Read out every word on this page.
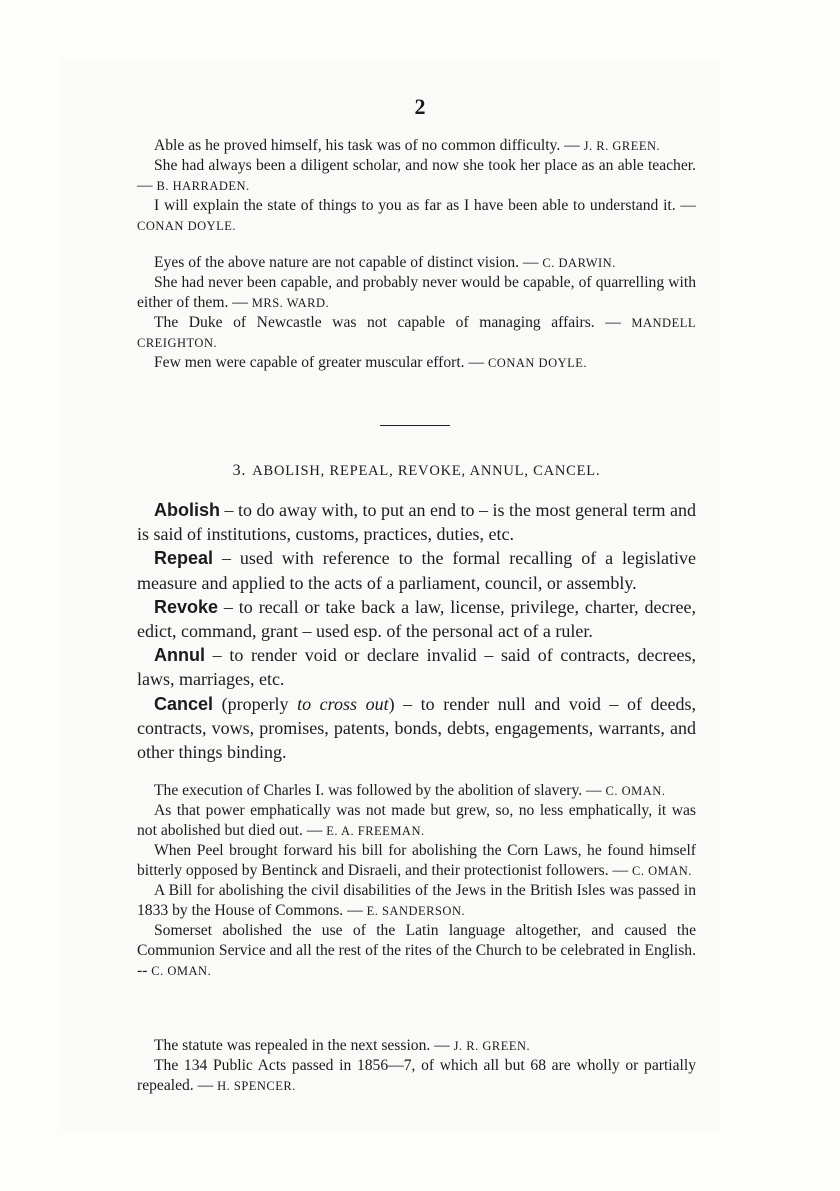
2

Able as he proved himself, his task was of no common difficulty. — J. R. GREEN.

She had always been a diligent scholar, and now she took her place as an able teacher. — B. HARRADEN.

I will explain the state of things to you as far as I have been able to understand it. — CONAN DOYLE.

Eyes of the above nature are not capable of distinct vision. — C. DARWIN.

She had never been capable, and probably never would be capable, of quarrelling with either of them. — MRS. WARD.

The Duke of Newcastle was not capable of managing affairs. — MANDELL CREIGHTON.

Few men were capable of greater muscular effort. — CONAN DOYLE.

3. ABOLISH, REPEAL, REVOKE, ANNUL, CANCEL.

Abolish – to do away with, to put an end to – is the most general term and is said of institutions, customs, practices, duties, etc.

Repeal – used with reference to the formal recalling of a legislative measure and applied to the acts of a parliament, council, or assembly.

Revoke – to recall or take back a law, license, privilege, charter, decree, edict, command, grant – used esp. of the personal act of a ruler.

Annul – to render void or declare invalid – said of contracts, decrees, laws, marriages, etc.

Cancel (properly to cross out) – to render null and void – of deeds, contracts, vows, promises, patents, bonds, debts, engagements, warrants, and other things binding.

The execution of Charles I. was followed by the abolition of slavery. — C. OMAN.

As that power emphatically was not made but grew, so, no less emphatically, it was not abolished but died out. — E. A. FREEMAN.

When Peel brought forward his bill for abolishing the Corn Laws, he found himself bitterly opposed by Bentinck and Disraeli, and their protectionist followers. — C. OMAN.

A Bill for abolishing the civil disabilities of the Jews in the British Isles was passed in 1833 by the House of Commons. — E. SANDERSON.

Somerset abolished the use of the Latin language altogether, and caused the Communion Service and all the rest of the rites of the Church to be celebrated in English. -- C. OMAN.

The statute was repealed in the next session. — J. R. GREEN.

The 134 Public Acts passed in 1856—7, of which all but 68 are wholly or partially repealed. — H. SPENCER.
